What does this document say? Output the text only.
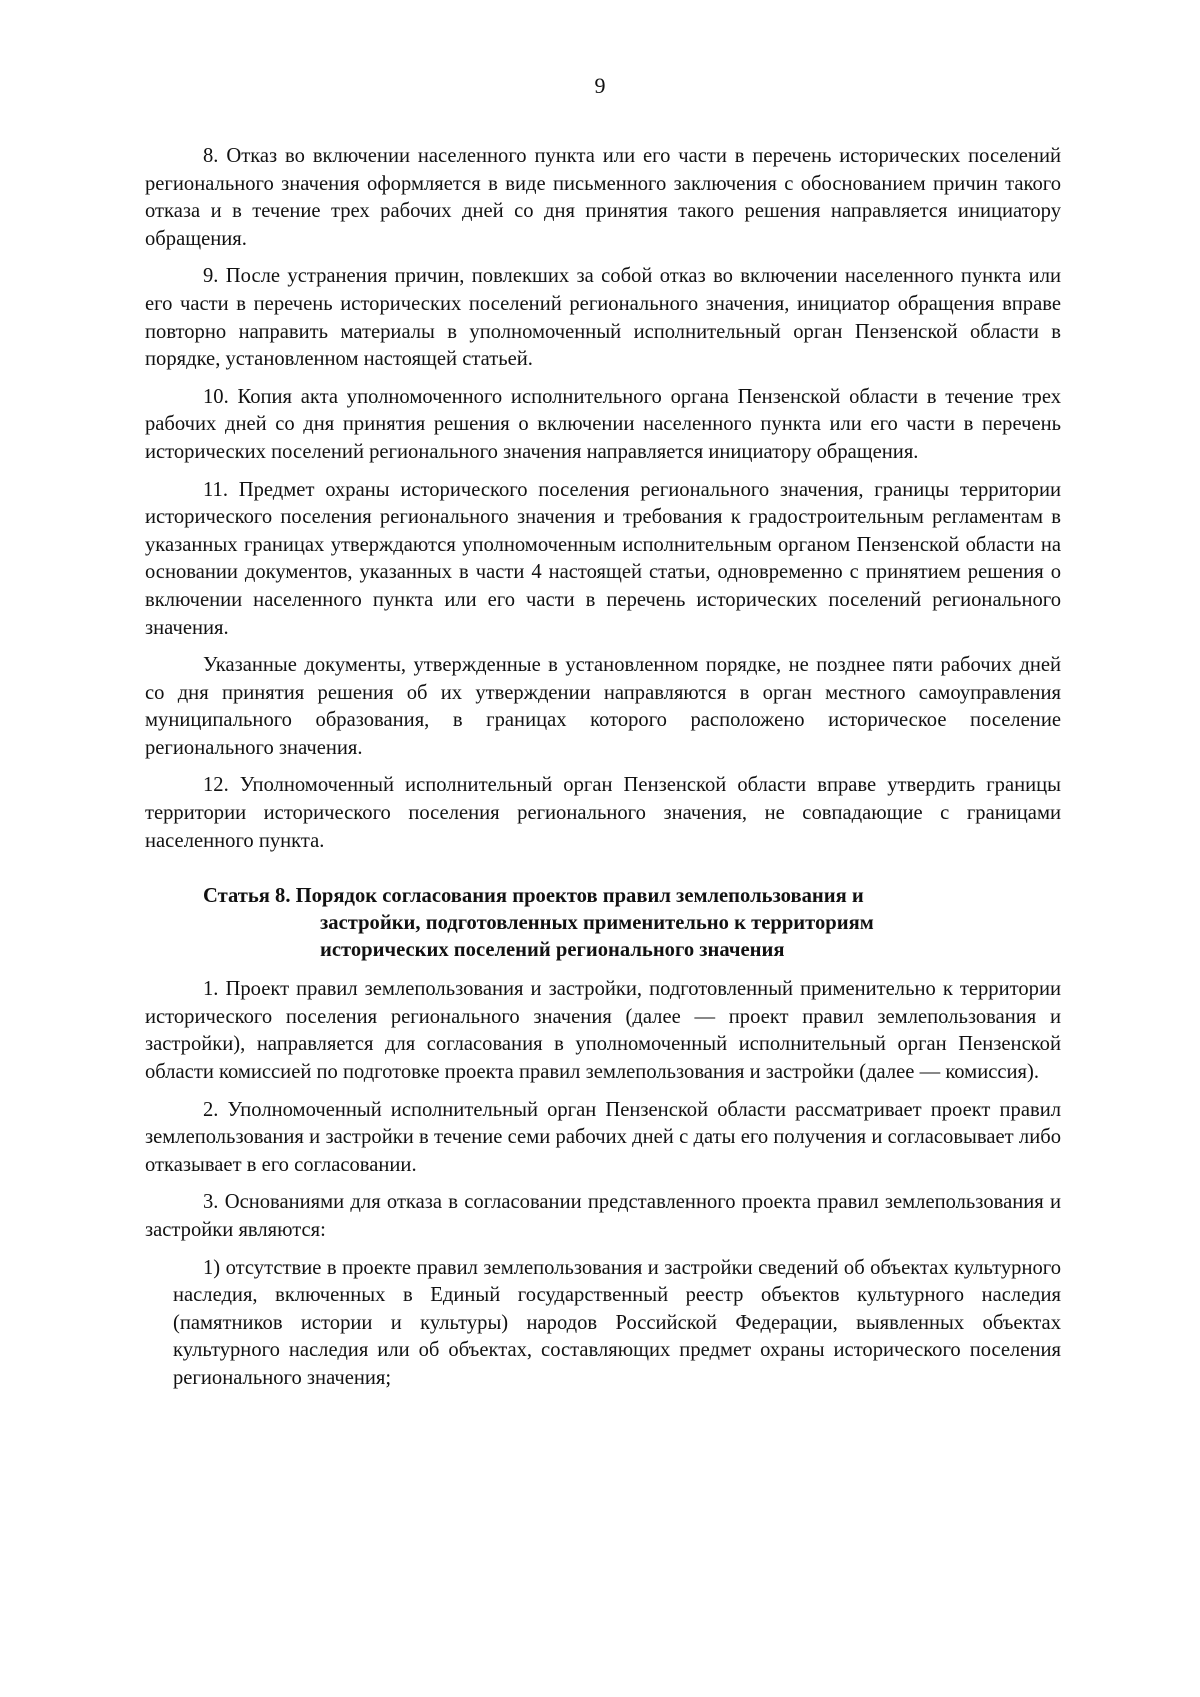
9

8. Отказ во включении населенного пункта или его части в перечень исторических поселений регионального значения оформляется в виде письменного заключения с обоснованием причин такого отказа и в течение трех рабочих дней со дня принятия такого решения направляется инициатору обращения.

9. После устранения причин, повлекших за собой отказ во включении населенного пункта или его части в перечень исторических поселений регионального значения, инициатор обращения вправе повторно направить материалы в уполномоченный исполнительный орган Пензенской области в порядке, установленном настоящей статьей.

10. Копия акта уполномоченного исполнительного органа Пензенской области в течение трех рабочих дней со дня принятия решения о включении населенного пункта или его части в перечень исторических поселений регионального значения направляется инициатору обращения.

11. Предмет охраны исторического поселения регионального значения, границы территории исторического поселения регионального значения и требования к градостроительным регламентам в указанных границах утверждаются уполномоченным исполнительным органом Пензенской области на основании документов, указанных в части 4 настоящей статьи, одновременно с принятием решения о включении населенного пункта или его части в перечень исторических поселений регионального значения.

Указанные документы, утвержденные в установленном порядке, не позднее пяти рабочих дней со дня принятия решения об их утверждении направляются в орган местного самоуправления муниципального образования, в границах которого расположено историческое поселение регионального значения.

12. Уполномоченный исполнительный орган Пензенской области вправе утвердить границы территории исторического поселения регионального значения, не совпадающие с границами населенного пункта.

Статья 8. Порядок согласования проектов правил землепользования и
застройки, подготовленных применительно к территориям
исторических поселений регионального значения

1. Проект правил землепользования и застройки, подготовленный применительно к территории исторического поселения регионального значения (далее — проект правил землепользования и застройки), направляется для согласования в уполномоченный исполнительный орган Пензенской области комиссией по подготовке проекта правил землепользования и застройки (далее — комиссия).

2. Уполномоченный исполнительный орган Пензенской области рассматривает проект правил землепользования и застройки в течение семи рабочих дней с даты его получения и согласовывает либо отказывает в его согласовании.

3. Основаниями для отказа в согласовании представленного проекта правил землепользования и застройки являются:

1) отсутствие в проекте правил землепользования и застройки сведений об объектах культурного наследия, включенных в Единый государственный реестр объектов культурного наследия (памятников истории и культуры) народов Российской Федерации, выявленных объектах культурного наследия или об объектах, составляющих предмет охраны исторического поселения регионального значения;
